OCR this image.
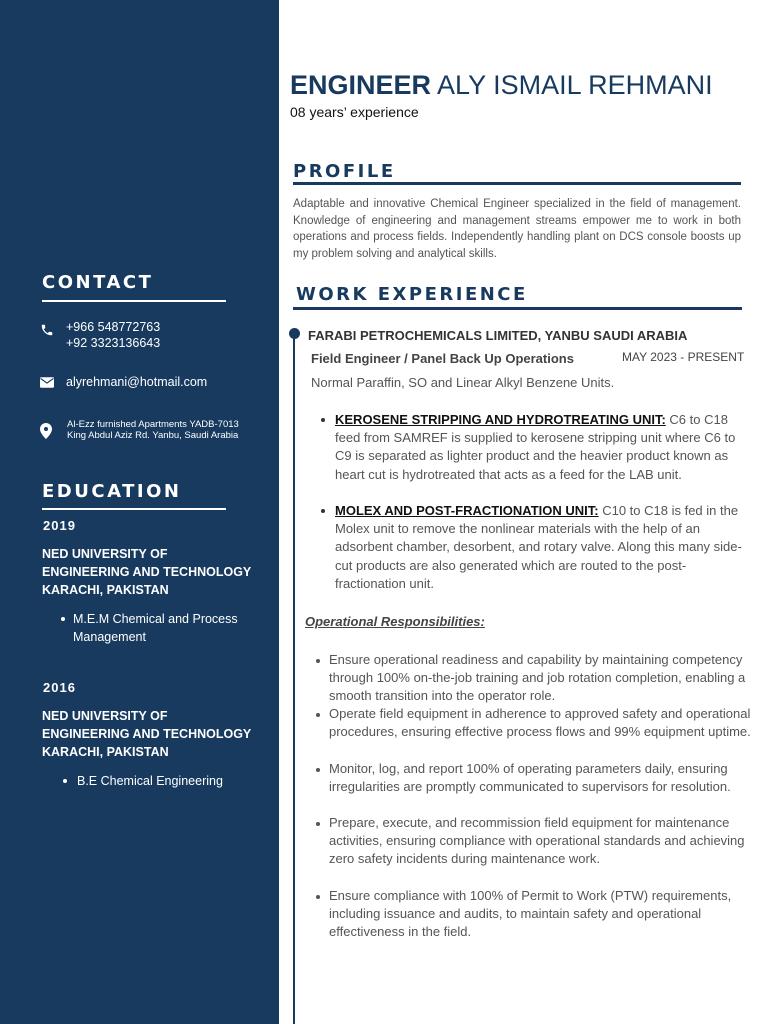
CONTACT
+966 548772763
+92 3323136643
alyrehmani@hotmail.com
Al-Ezz furnished Apartments YADB-7013
King Abdul Aziz Rd. Yanbu, Saudi Arabia
EDUCATION
2019
NED UNIVERSITY OF
ENGINEERING AND TECHNOLOGY
KARACHI, PAKISTAN
M.E.M Chemical and Process
Management
2016
NED UNIVERSITY OF
ENGINEERING AND TECHNOLOGY
KARACHI, PAKISTAN
B.E Chemical Engineering
ENGINEER ALY ISMAIL REHMANI
08 years’ experience
PROFILE
Adaptable and innovative Chemical Engineer specialized in the field of management. Knowledge of engineering and management streams empower me to work in both operations and process fields. Independently handling plant on DCS console boosts up my problem solving and analytical skills.
WORK EXPERIENCE
FARABI PETROCHEMICALS LIMITED, YANBU SAUDI ARABIA
Field Engineer / Panel Back Up Operations	MAY 2023 - PRESENT
Normal Paraffin, SO and Linear Alkyl Benzene Units.
KEROSENE STRIPPING AND HYDROTREATING UNIT: C6 to C18 feed from SAMREF is supplied to kerosene stripping unit where C6 to C9 is separated as lighter product and the heavier product known as heart cut is hydrotreated that acts as a feed for the LAB unit.
MOLEX AND POST-FRACTIONATION UNIT: C10 to C18 is fed in the Molex unit to remove the nonlinear materials with the help of an adsorbent chamber, desorbent, and rotary valve. Along this many side-cut products are also generated which are routed to the post-fractionation unit.
Operational Responsibilities:
Ensure operational readiness and capability by maintaining competency through 100% on-the-job training and job rotation completion, enabling a smooth transition into the operator role.
Operate field equipment in adherence to approved safety and operational procedures, ensuring effective process flows and 99% equipment uptime.
Monitor, log, and report 100% of operating parameters daily, ensuring irregularities are promptly communicated to supervisors for resolution.
Prepare, execute, and recommission field equipment for maintenance activities, ensuring compliance with operational standards and achieving zero safety incidents during maintenance work.
Ensure compliance with 100% of Permit to Work (PTW) requirements, including issuance and audits, to maintain safety and operational effectiveness in the field.
